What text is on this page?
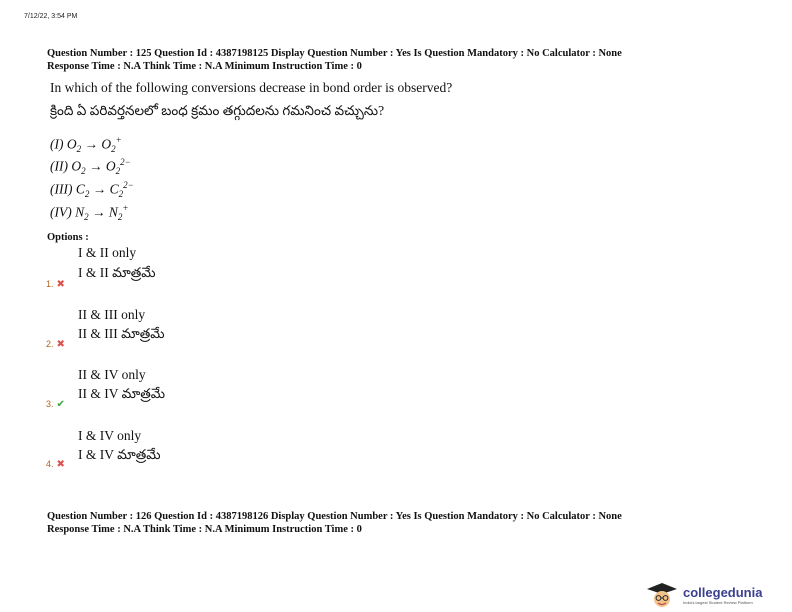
7/12/22, 3:54 PM
Question Number : 125 Question Id : 4387198125 Display Question Number : Yes Is Question Mandatory : No Calculator : None
Response Time : N.A Think Time : N.A Minimum Instruction Time : 0
In which of the following conversions decrease in bond order is observed?
క్రింది ఏ పరివర్తనలలో బంధ క్రమం తగ్గుదలను గమనించ వచ్చును?
(I) $O_2 \to O_2^+$
(II) $O_2 \to O_2^{2-}$
(III) $C_2 \to C_2^{2-}$
(IV) $N_2 \to N_2^+$
Options :
I & II only
I & II మాత్రమే
1. ✖
II & III only
II & III మాత్రమే
2. ✖
II & IV only
II & IV మాత్రమే
3. ✔
I & IV only
I & IV మాత్రమే
4. ✖
Question Number : 126 Question Id : 4387198126 Display Question Number : Yes Is Question Mandatory : No Calculator : None
Response Time : N.A Think Time : N.A Minimum Instruction Time : 0
collegedunia
India's largest Student Review Platform
